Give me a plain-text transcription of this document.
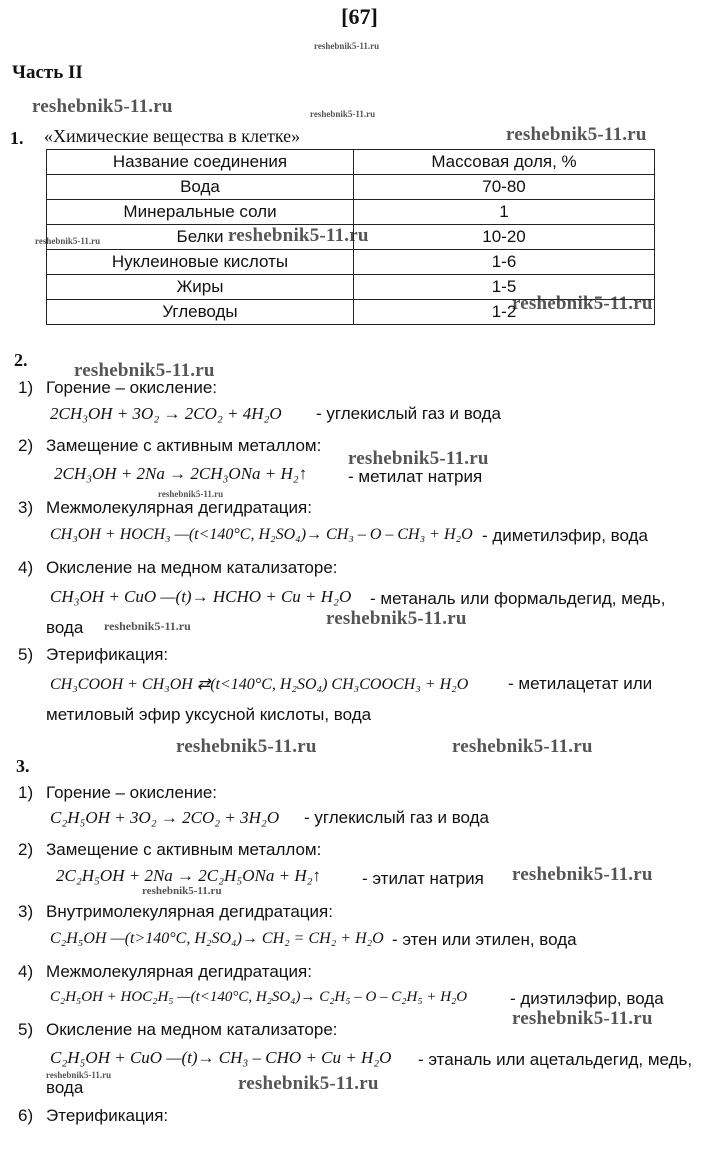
[67]
reshebnik5-11.ru
reshebnik5-11.ru	reshebnik5-11.ru
reshebnik5-11.ru
reshebnik5-11.ru	reshebnik5-11.ru
reshebnik5-11.ru
reshebnik5-11.ru
reshebnik5-11.ru
reshebnik5-11.ru
reshebnik5-11.ru	reshebnik5-11.ru
reshebnik5-11.ru	reshebnik5-11.ru
reshebnik5-11.ru
reshebnik5-11.ru
reshebnik5-11.ru
reshebnik5-11.ru	reshebnik5-11.ru
Часть II
1. «Химические вещества в клетке»
Название соединения	Массовая доля, %
Вода	70-80
Минеральные соли	1
Белки	10-20
Нуклеиновые кислоты	1-6
Жиры	1-5
Углеводы	1-2
2.
1) Горение – окисление:
2CH₃OH + 3O₂ → 2CO₂ + 4H₂O - углекислый газ и вода
2) Замещение с активным металлом:
2CH₃OH + 2Na → 2CH₃ONa + H₂↑ - метилат натрия
3) Межмолекулярная дегидратация:
CH₃OH + HOCH₃ —(t<140°C, H₂SO₄)→ CH₃ – O – CH₃ + H₂O - диметилэфир, вода
4) Окисление на медном катализаторе:
CH₃OH + CuO —(t)→ HCHO + Cu + H₂O - метаналь или формальдегид, медь,
вода
5) Этерификация:
CH₃COOH + CH₃OH ⇄(t<140°C, H₂SO₄) CH₃COOCH₃ + H₂O - метилацетат или
метиловый эфир уксусной кислоты, вода
3.
1) Горение – окисление:
C₂H₅OH + 3O₂ → 2CO₂ + 3H₂O - углекислый газ и вода
2) Замещение с активным металлом:
2C₂H₅OH + 2Na → 2C₂H₅ONa + H₂↑ - этилат натрия
3) Внутримолекулярная дегидратация:
C₂H₅OH —(t>140°C, H₂SO₄)→ CH₂ = CH₂ + H₂O - этен или этилен, вода
4) Межмолекулярная дегидратация:
C₂H₅OH + HOC₂H₅ —(t<140°C, H₂SO₄)→ C₂H₅ – O – C₂H₅ + H₂O	- диэтилэфир, вода
5) Окисление на медном катализаторе:
C₂H₅OH + CuO —(t)→ CH₃ – CHO + Cu + H₂O - этаналь или ацетальдегид, медь,
вода
6) Этерификация:
